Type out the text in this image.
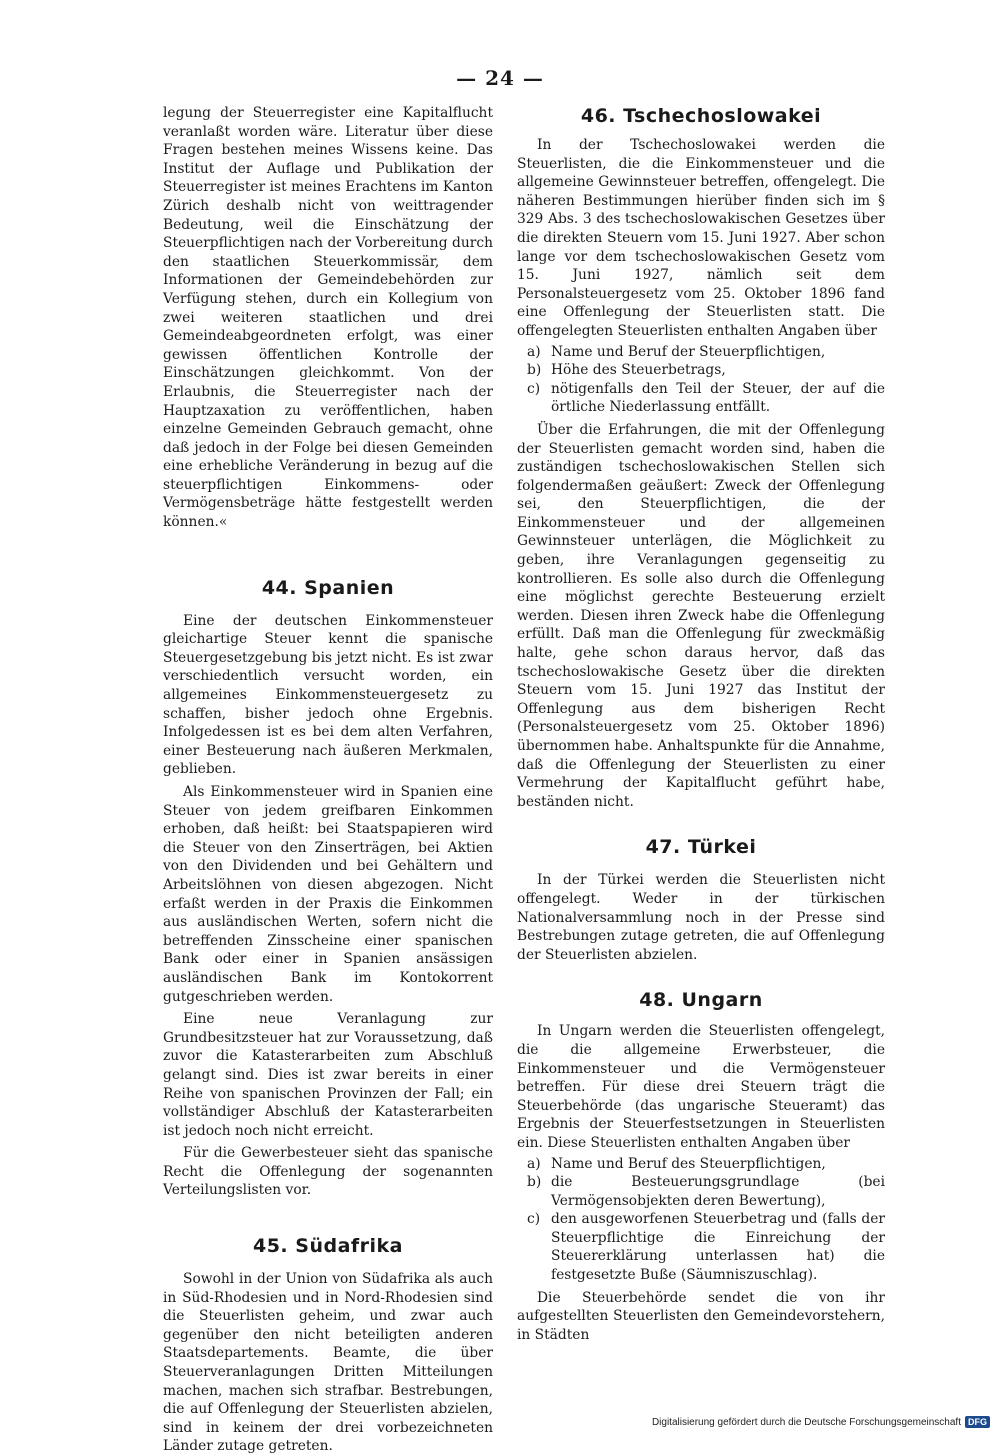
— 24 —

legung der Steuerregister eine Kapitalflucht veranlaßt worden wäre. Literatur über diese Fragen bestehen meines Wissens keine. Das Institut der Auflage und Publikation der Steuerregister ist meines Erachtens im Kanton Zürich deshalb nicht von weittragender Bedeutung, weil die Einschätzung der Steuerpflichtigen nach der Vorbereitung durch den staatlichen Steuerkommissär, dem Informationen der Gemeindebehörden zur Verfügung stehen, durch ein Kollegium von zwei weiteren staatlichen und drei Gemeindeabgeordneten erfolgt, was einer gewissen öffentlichen Kontrolle der Einschätzungen gleichkommt. Von der Erlaubnis, die Steuerregister nach der Hauptzaxation zu veröffentlichen, haben einzelne Gemeinden Gebrauch gemacht, ohne daß jedoch in der Folge bei diesen Gemeinden eine erhebliche Veränderung in bezug auf die steuerpflichtigen Einkommens- oder Vermögensbeträge hätte festgestellt werden können.«

44. Spanien

Eine der deutschen Einkommensteuer gleichartige Steuer kennt die spanische Steuergesetzgebung bis jetzt nicht. Es ist zwar verschiedentlich versucht worden, ein allgemeines Einkommensteuergesetz zu schaffen, bisher jedoch ohne Ergebnis. Infolgedessen ist es bei dem alten Verfahren, einer Besteuerung nach äußeren Merkmalen, geblieben.

Als Einkommensteuer wird in Spanien eine Steuer von jedem greifbaren Einkommen erhoben, daß heißt: bei Staatspapieren wird die Steuer von den Zinserträgen, bei Aktien von den Dividenden und bei Gehältern und Arbeitslöhnen von diesen abgezogen. Nicht erfaßt werden in der Praxis die Einkommen aus ausländischen Werten, sofern nicht die betreffenden Zinsscheine einer spanischen Bank oder einer in Spanien ansässigen ausländischen Bank im Kontokorrent gutgeschrieben werden.

Eine neue Veranlagung zur Grundbesitzsteuer hat zur Voraussetzung, daß zuvor die Katasterarbeiten zum Abschluß gelangt sind. Dies ist zwar bereits in einer Reihe von spanischen Provinzen der Fall; ein vollständiger Abschluß der Katasterarbeiten ist jedoch noch nicht erreicht.

Für die Gewerbesteuer sieht das spanische Recht die Offenlegung der sogenannten Verteilungslisten vor.

45. Südafrika

Sowohl in der Union von Südafrika als auch in Süd-Rhodesien und in Nord-Rhodesien sind die Steuerlisten geheim, und zwar auch gegenüber den nicht beteiligten anderen Staatsdepartements. Beamte, die über Steuerveranlagungen Dritten Mitteilungen machen, machen sich strafbar. Bestrebungen, die auf Offenlegung der Steuerlisten abzielen, sind in keinem der drei vorbezeichneten Länder zutage getreten.

46. Tschechoslowakei

In der Tschechoslowakei werden die Steuerlisten, die die Einkommensteuer und die allgemeine Gewinnsteuer betreffen, offengelegt. Die näheren Bestimmungen hierüber finden sich im § 329 Abs. 3 des tschechoslowakischen Gesetzes über die direkten Steuern vom 15. Juni 1927. Aber schon lange vor dem tschechoslowakischen Gesetz vom 15. Juni 1927, nämlich seit dem Personalsteuergesetz vom 25. Oktober 1896 fand eine Offenlegung der Steuerlisten statt. Die offengelegten Steuerlisten enthalten Angaben über

a) Name und Beruf der Steuerpflichtigen,
b) Höhe des Steuerbetrags,
c) nötigenfalls den Teil der Steuer, der auf die örtliche Niederlassung entfällt.

Über die Erfahrungen, die mit der Offenlegung der Steuerlisten gemacht worden sind, haben die zuständigen tschechoslowakischen Stellen sich folgendermaßen geäußert: Zweck der Offenlegung sei, den Steuerpflichtigen, die der Einkommensteuer und der allgemeinen Gewinnsteuer unterlägen, die Möglichkeit zu geben, ihre Veranlagungen gegenseitig zu kontrollieren. Es solle also durch die Offenlegung eine möglichst gerechte Besteuerung erzielt werden. Diesen ihren Zweck habe die Offenlegung erfüllt. Daß man die Offenlegung für zweckmäßig halte, gehe schon daraus hervor, daß das tschechoslowakische Gesetz über die direkten Steuern vom 15. Juni 1927 das Institut der Offenlegung aus dem bisherigen Recht (Personalsteuergesetz vom 25. Oktober 1896) übernommen habe. Anhaltspunkte für die Annahme, daß die Offenlegung der Steuerlisten zu einer Vermehrung der Kapitalflucht geführt habe, beständen nicht.

47. Türkei

In der Türkei werden die Steuerlisten nicht offengelegt. Weder in der türkischen Nationalversammlung noch in der Presse sind Bestrebungen zutage getreten, die auf Offenlegung der Steuerlisten abzielen.

48. Ungarn

In Ungarn werden die Steuerlisten offengelegt, die die allgemeine Erwerbsteuer, die Einkommensteuer und die Vermögensteuer betreffen. Für diese drei Steuern trägt die Steuerbehörde (das ungarische Steueramt) das Ergebnis der Steuerfestsetzungen in Steuerlisten ein. Diese Steuerlisten enthalten Angaben über

a) Name und Beruf des Steuerpflichtigen,
b) die Besteuerungsgrundlage (bei Vermögensobjekten deren Bewertung),
c) den ausgeworfenen Steuerbetrag und (falls der Steuerpflichtige die Einreichung der Steuererklärung unterlassen hat) die festgesetzte Buße (Säumniszuschlag).

Die Steuerbehörde sendet die von ihr aufgestellten Steuerlisten den Gemeindevorstehern, in Städten

Digitalisierung gefördert durch die Deutsche Forschungsgemeinschaft DFG
